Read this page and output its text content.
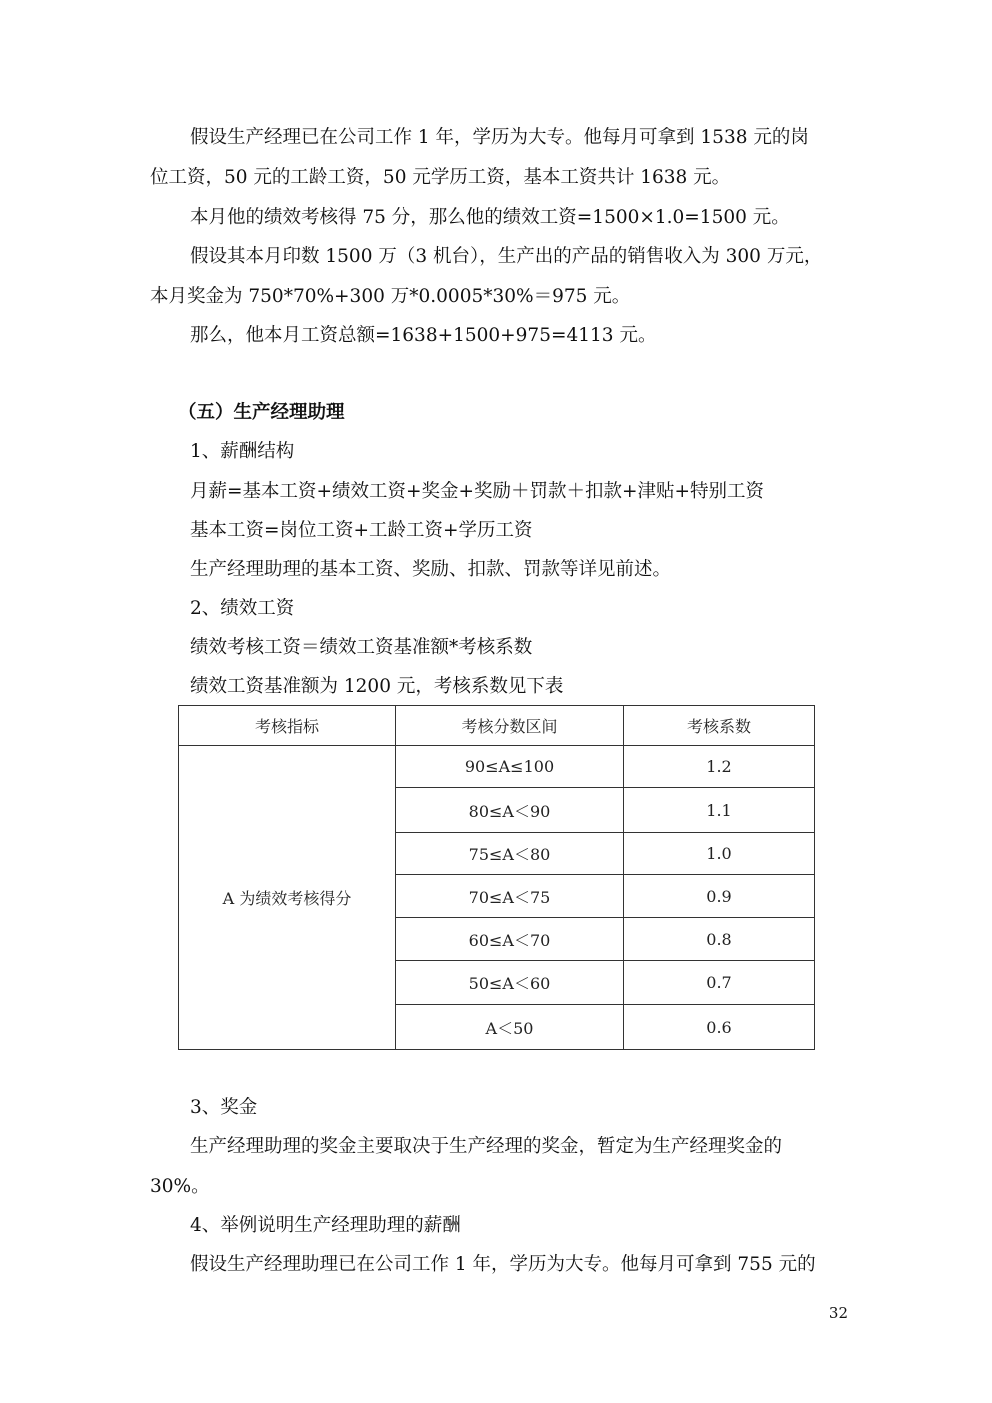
假设生产经理已在公司工作 1 年，学历为大专。他每月可拿到 1538 元的岗

位工资，50 元的工龄工资，50 元学历工资，基本工资共计 1638 元。

本月他的绩效考核得 75 分，那么他的绩效工资=1500×1.0=1500 元。

假设其本月印数 1500 万（3 机台），生产出的产品的销售收入为 300 万元，

本月奖金为 750*70%+300 万*0.0005*30%＝975 元。

那么，他本月工资总额=1638+1500+975=4113 元。

（五）生产经理助理

1、薪酬结构

月薪=基本工资+绩效工资+奖金+奖励＋罚款＋扣款+津贴+特别工资

基本工资=岗位工资+工龄工资+学历工资

生产经理助理的基本工资、奖励、扣款、罚款等详见前述。

2、绩效工资

绩效考核工资＝绩效工资基准额*考核系数

绩效工资基准额为 1200 元，考核系数见下表

考核指标	考核分数区间	考核系数
A 为绩效考核得分	90≤A≤100	1.2
	80≤A＜90	1.1
	75≤A＜80	1.0
	70≤A＜75	0.9
	60≤A＜70	0.8
	50≤A＜60	0.7
	A＜50	0.6

3、奖金

生产经理助理的奖金主要取决于生产经理的奖金，暂定为生产经理奖金的

30%。

4、举例说明生产经理助理的薪酬

假设生产经理助理已在公司工作 1 年，学历为大专。他每月可拿到 755 元的

32
